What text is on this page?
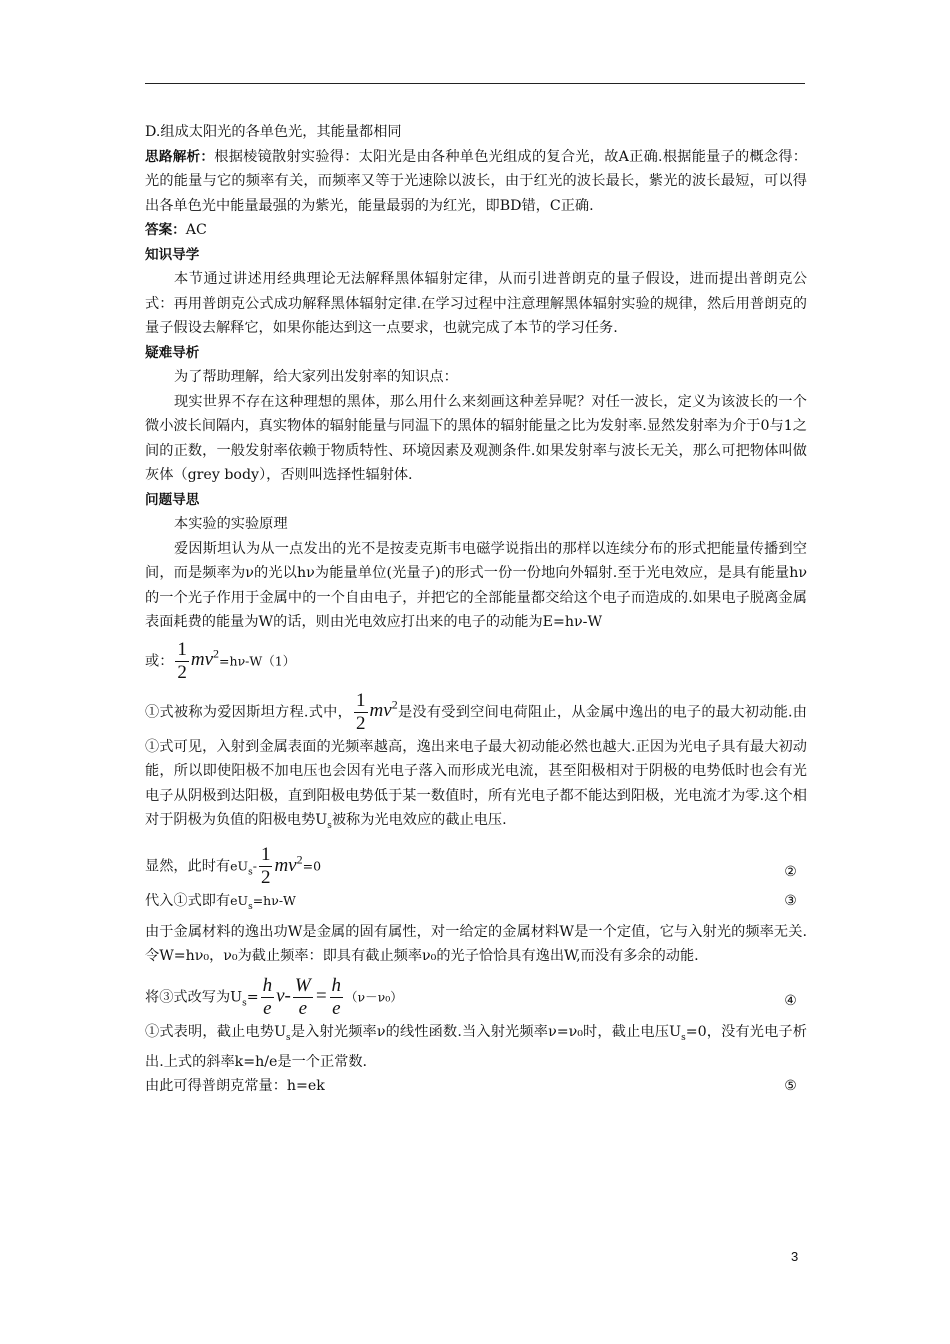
D.组成太阳光的各单色光，其能量都相同

思路解析：根据棱镜散射实验得：太阳光是由各种单色光组成的复合光，故A正确.根据能量子的概念得：光的能量与它的频率有关，而频率又等于光速除以波长，由于红光的波长最长，紫光的波长最短，可以得出各单色光中能量最强的为紫光，能量最弱的为红光，即BD错，C正确.

答案：AC

知识导学

本节通过讲述用经典理论无法解释黑体辐射定律，从而引进普朗克的量子假设，进而提出普朗克公式：再用普朗克公式成功解释黑体辐射定律.在学习过程中注意理解黑体辐射实验的规律，然后用普朗克的量子假设去解释它，如果你能达到这一点要求，也就完成了本节的学习任务.

疑难导析

为了帮助理解，给大家列出发射率的知识点：

现实世界不存在这种理想的黑体，那么用什么来刻画这种差异呢？对任一波长，定义为该波长的一个微小波长间隔内，真实物体的辐射能量与同温下的黑体的辐射能量之比为发射率.显然发射率为介于0与1之间的正数，一般发射率依赖于物质特性、环境因素及观测条件.如果发射率与波长无关，那么可把物体叫做灰体（grey body），否则叫选择性辐射体.

问题导思

本实验的实验原理

爱因斯坦认为从一点发出的光不是按麦克斯韦电磁学说指出的那样以连续分布的形式把能量传播到空间，而是频率为ν的光以hν为能量单位(光量子)的形式一份一份地向外辐射.至于光电效应，是具有能量hν的一个光子作用于金属中的一个自由电子，并把它的全部能量都交给这个电子而造成的.如果电子脱离金属表面耗费的能量为W的话，则由光电效应打出来的电子的动能为E=hν-W

或： $\frac{1}{2} mv^2=h\nu-W(1)$

①式被称为爱因斯坦方程.式中， $\frac{1}{2} mv^2$是没有受到空间电荷阻止，从金属中逸出的电子的最大初动能.由①式可见，入射到金属表面的光频率越高，逸出来电子最大初动能必然也越大.正因为光电子具有最大初动能，所以即使阳极不加电压也会因有光电子落入而形成光电流，甚至阳极相对于阴极的电势低时也会有光电子从阴极到达阳极，直到阳极电势低于某一数值时，所有光电子都不能达到阳极，光电流才为零.这个相对于阴极为负值的阳极电势$U_s$被称为光电效应的截止电压.

显然，此时有$eU_s- \frac{1}{2} mv^2=0$	②

代入①式即有$eU_s=h\nu-W$	③

由于金属材料的逸出功W是金属的固有属性，对一给定的金属材料W是一个定值，它与入射光的频率无关.令W=hν₀，ν₀为截止频率：即具有截止频率ν₀的光子恰恰具有逸出W,而没有多余的动能.

将③式改写为$U_s= \frac{h}{e} \nu- \frac{W}{e} = \frac{h}{e} (\nu-\nu_0)$	④

①式表明，截止电势$U_s$是入射光频率ν的线性函数.当入射光频率ν=ν₀时，截止电压$U_s=0$，没有光电子析出.上式的斜率k=h/e是一个正常数.

由此可得普朗克常量：h=ek	⑤

3
